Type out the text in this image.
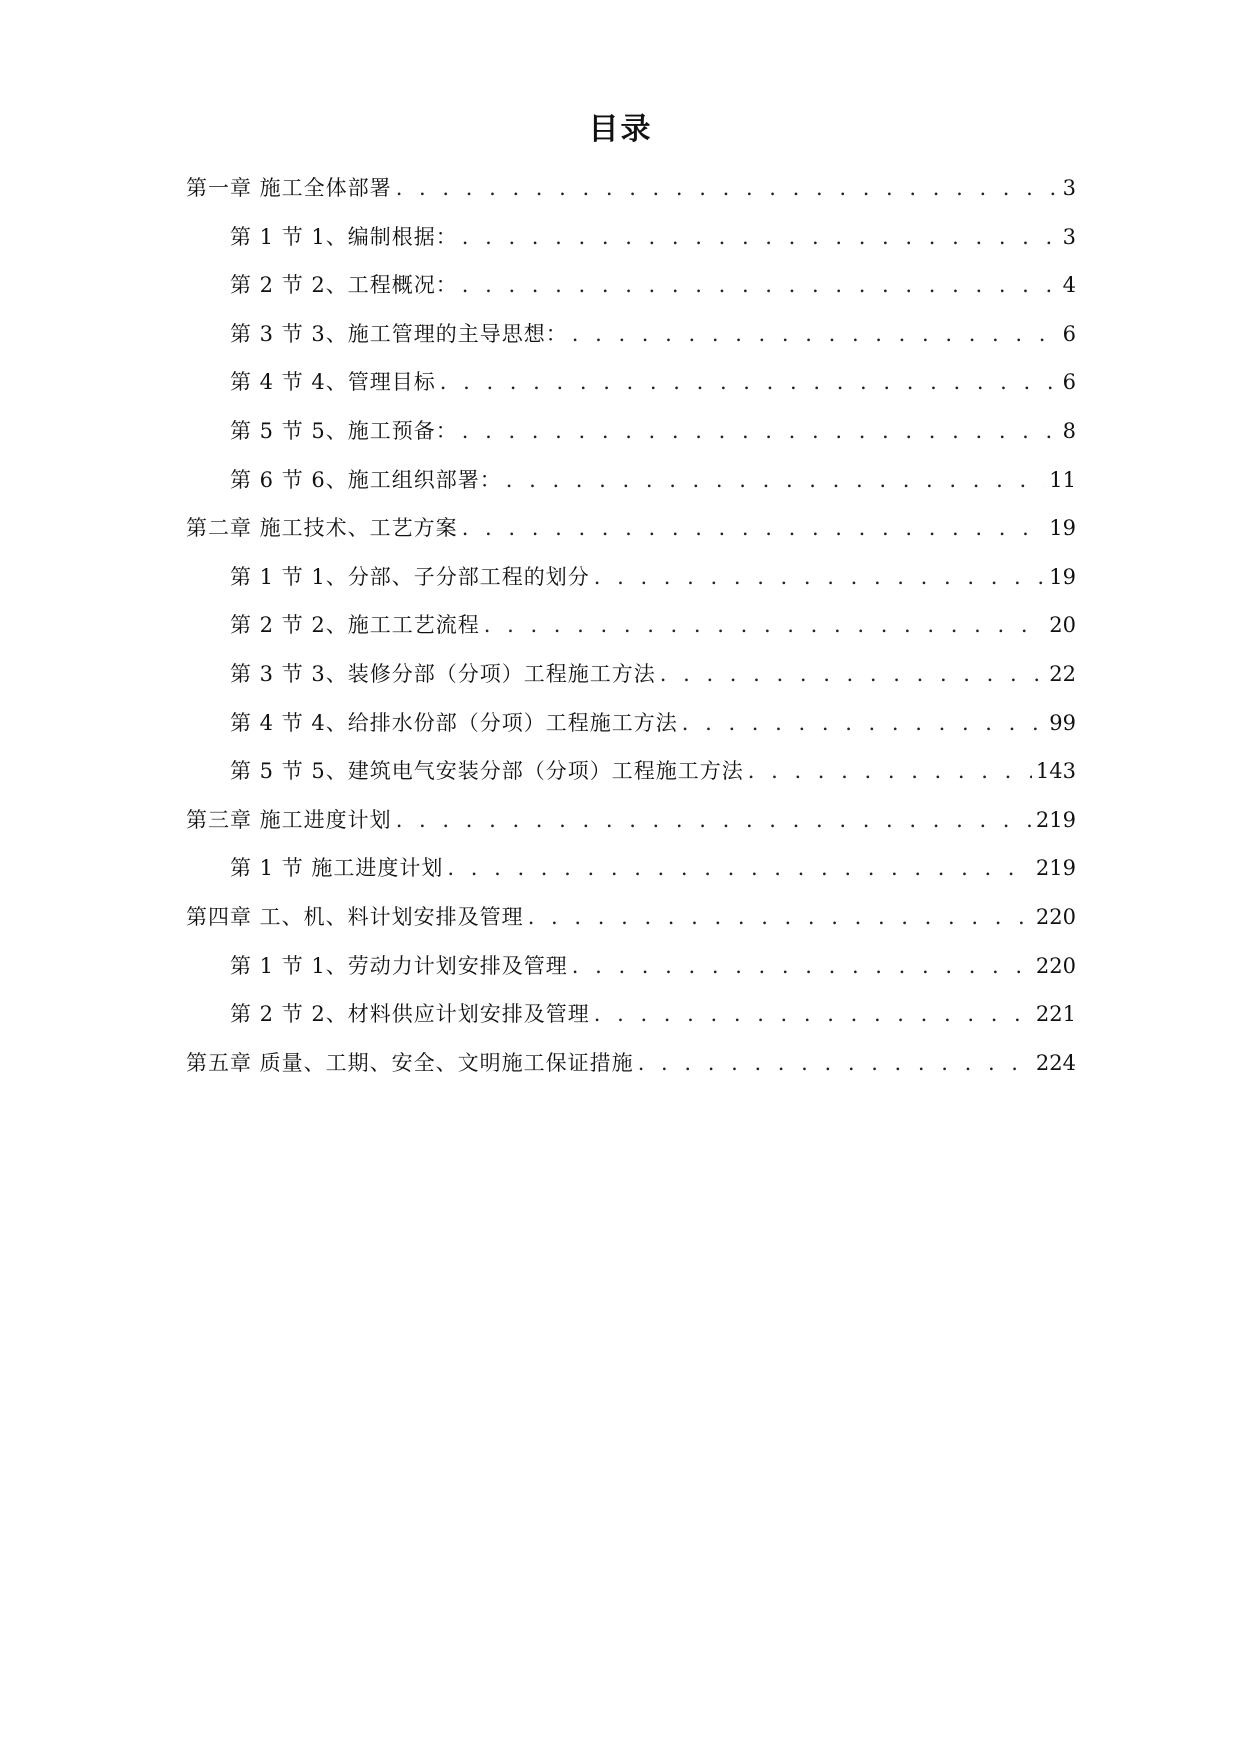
目录
第一章 施工全体部署 . . .	3
第 1 节 1、编制根据： . . .	3
第 2 节 2、工程概况： . . .	4
第 3 节 3、施工管理的主导思想： . . .	6
第 4 节 4、管理目标 . . .	6
第 5 节 5、施工预备： . . .	8
第 6 节 6、施工组织部署： . . .	11
第二章 施工技术、工艺方案 . . .	19
第 1 节 1、分部、子分部工程的划分 . . .	19
第 2 节 2、施工工艺流程 . . .	20
第 3 节 3、装修分部（分项）工程施工方法 . . .	22
第 4 节 4、给排水份部（分项）工程施工方法 . . .	99
第 5 节 5、建筑电气安装分部（分项）工程施工方法 . . .	143
第三章 施工进度计划 . . .	219
第 1 节 施工进度计划 . . .	219
第四章 工、机、料计划安排及管理 . . .	220
第 1 节 1、劳动力计划安排及管理 . . .	220
第 2 节 2、材料供应计划安排及管理 . . .	221
第五章 质量、工期、安全、文明施工保证措施 . . .	224
